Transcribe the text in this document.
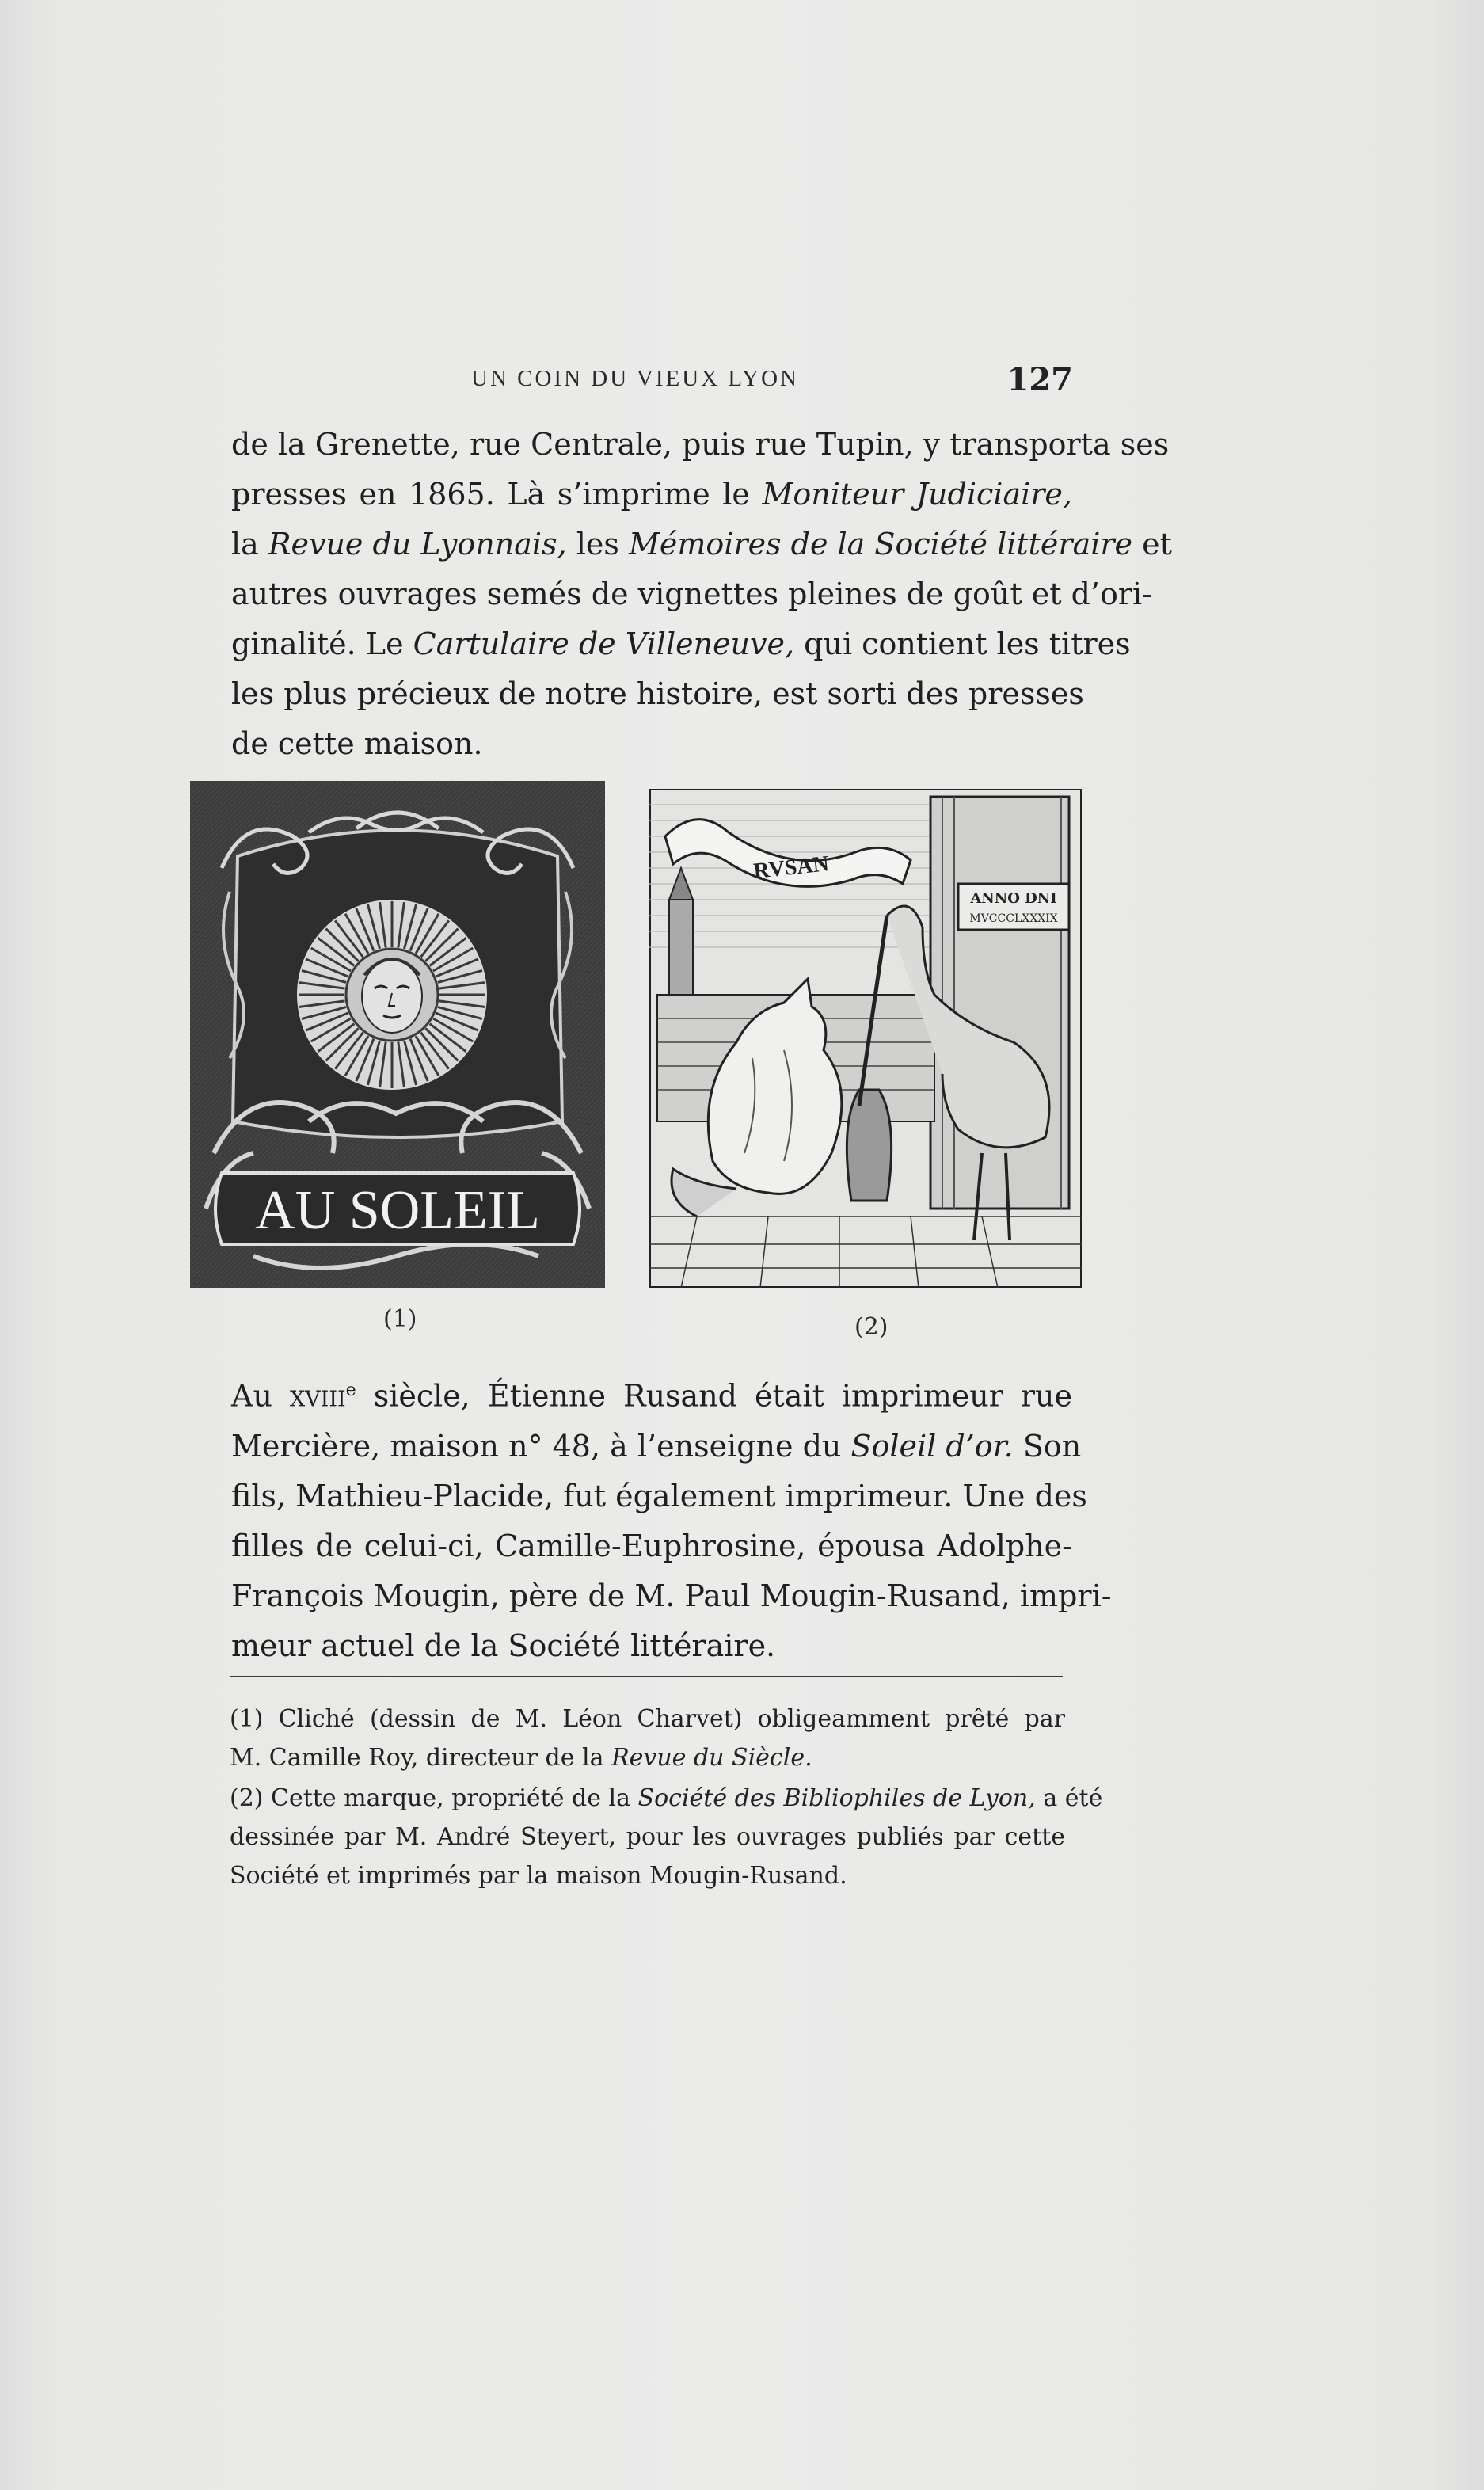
UN COIN DU VIEUX LYON	127
de la Grenette, rue Centrale, puis rue Tupin, y transporta ses
presses en 1865. Là s’imprime le Moniteur Judiciaire,
la Revue du Lyonnais, les Mémoires de la Société littéraire et
autres ouvrages semés de vignettes pleines de goût et d’ori-
ginalité. Le Cartulaire de Villeneuve, qui contient les titres
les plus précieux de notre histoire, est sorti des presses
de cette maison.
AU SOLEIL
(1)
ANNO DNI
MVCCCLXXXIX
RVSAN
(2)
Au xviii$^e$ siècle, Étienne Rusand était imprimeur rue
Mercière, maison n° 48, à l’enseigne du Soleil d’or. Son
fils, Mathieu-Placide, fut également imprimeur. Une des
filles de celui-ci, Camille-Euphrosine, épousa Adolphe-
François Mougin, père de M. Paul Mougin-Rusand, impri-
meur actuel de la Société littéraire.
(1) Cliché (dessin de M. Léon Charvet) obligeamment prêté par
M. Camille Roy, directeur de la Revue du Siècle.
(2) Cette marque, propriété de la Société des Bibliophiles de Lyon, a été
dessinée par M. André Steyert, pour les ouvrages publiés par cette
Société et imprimés par la maison Mougin-Rusand.
